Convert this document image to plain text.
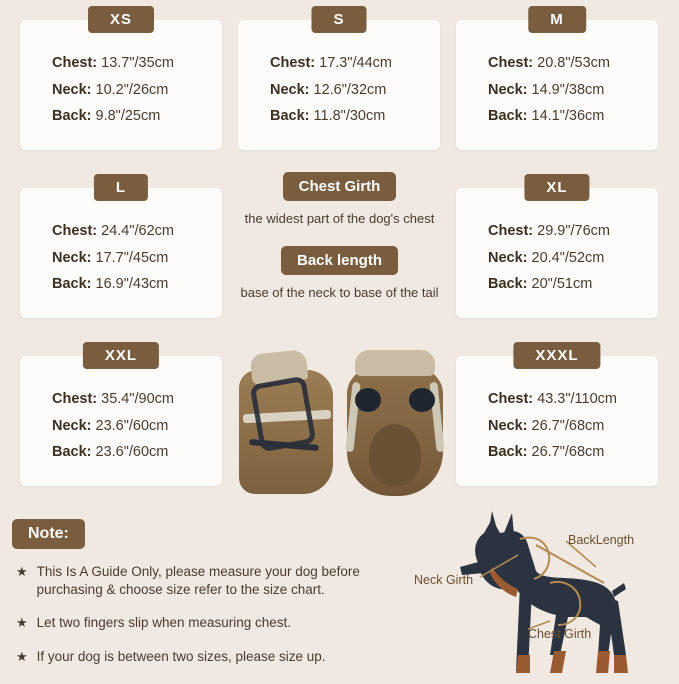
XS
Chest: 13.7"/35cm
Neck: 10.2"/26cm
Back: 9.8"/25cm
S
Chest: 17.3"/44cm
Neck: 12.6"/32cm
Back: 11.8"/30cm
M
Chest: 20.8"/53cm
Neck: 14.9"/38cm
Back: 14.1"/36cm
L
Chest: 24.4"/62cm
Neck: 17.7"/45cm
Back: 16.9"/43cm
XL
Chest: 29.9"/76cm
Neck: 20.4"/52cm
Back: 20"/51cm
XXL
Chest: 35.4"/90cm
Neck: 23.6"/60cm
Back: 23.6"/60cm
XXXL
Chest: 43.3"/110cm
Neck: 26.7"/68cm
Back: 26.7"/68cm
Chest Girth
the widest part of the dog's chest
Back length
base of the neck to base of the tail
Note:
★ This Is A Guide Only, please measure your dog before purchasing & choose size refer to the size chart.
★ Let two fingers slip when measuring chest.
★ If your dog is between two sizes, please size up.
BackLength
Neck Girth
Chest Girth
